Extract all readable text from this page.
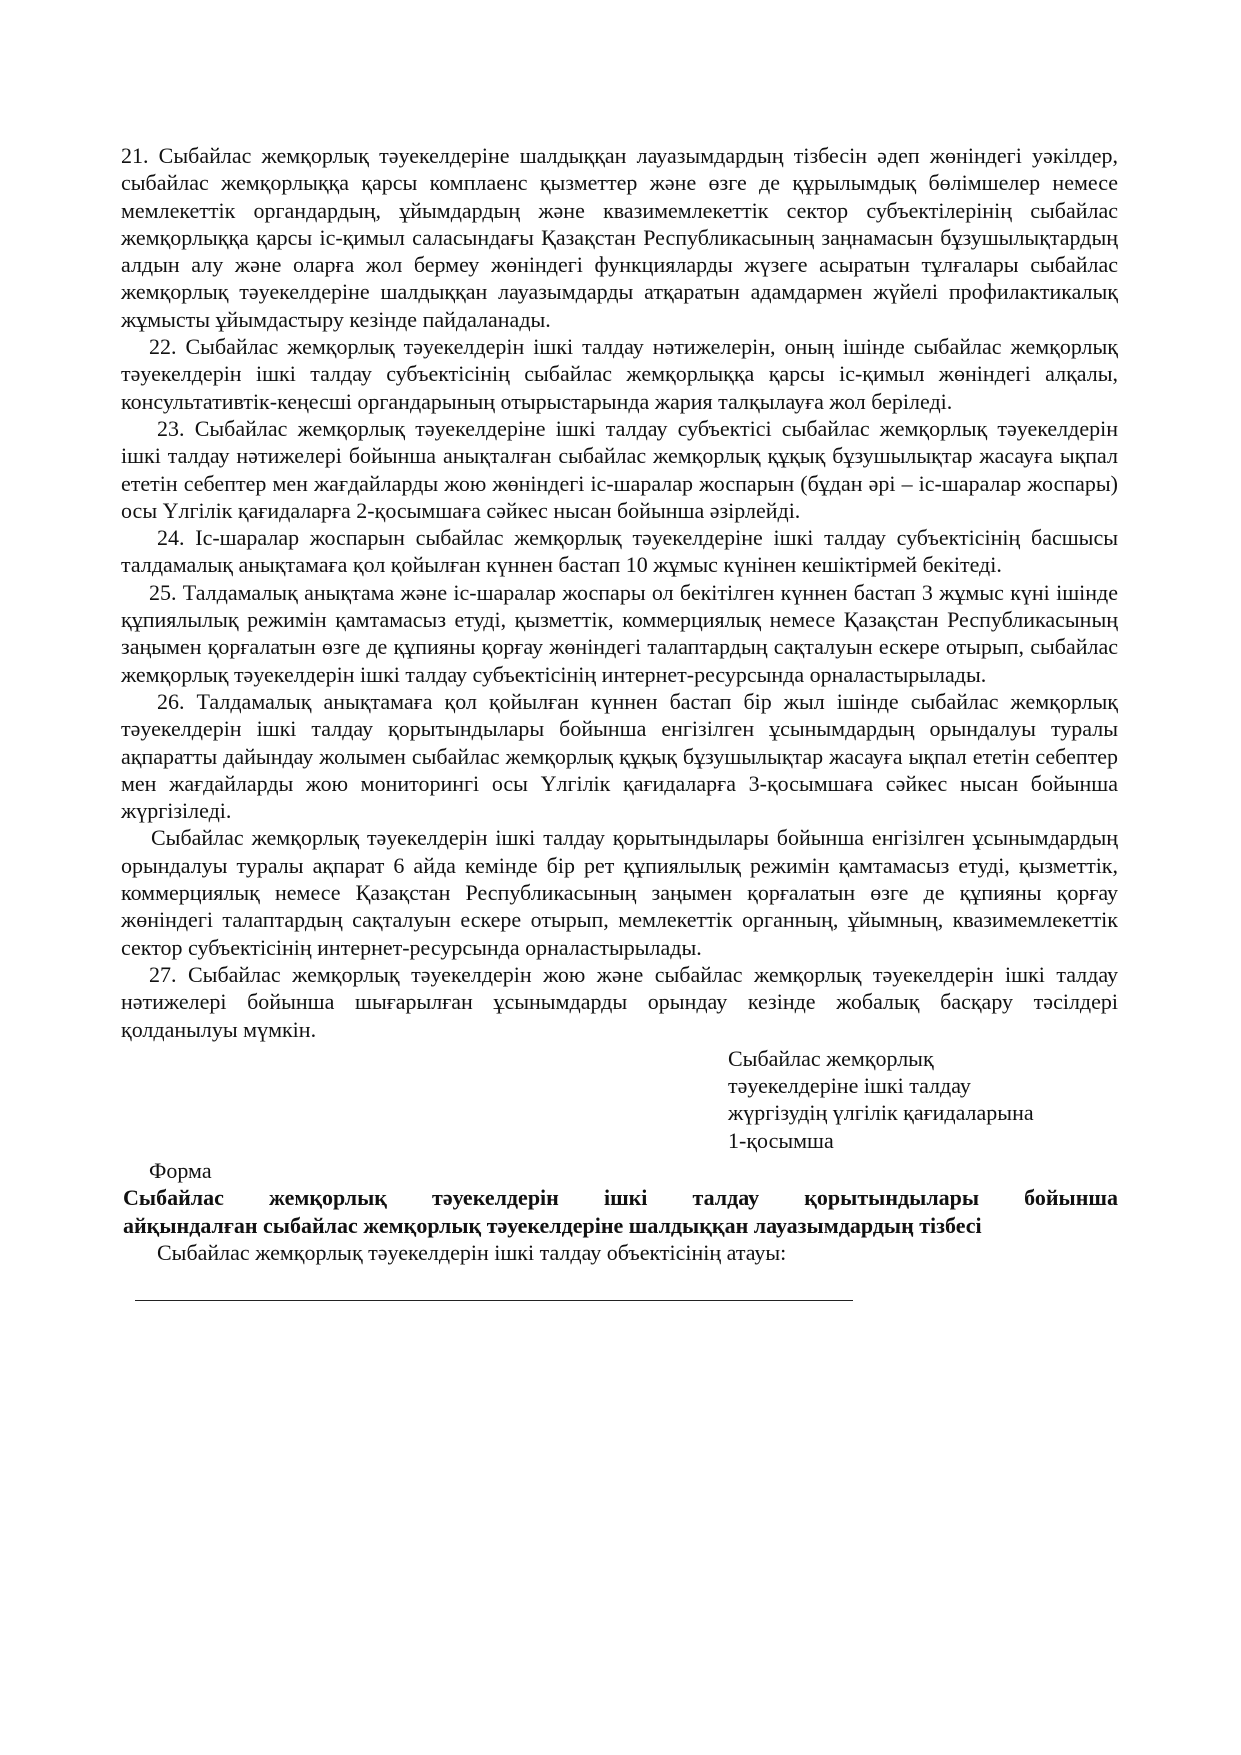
21. Сыбайлас жемқорлық тәуекелдеріне шалдыққан лауазымдардың тізбесін әдеп жөніндегі уәкілдер, сыбайлас жемқорлыққа қарсы комплаенс қызметтер және өзге де құрылымдық бөлімшелер немесе мемлекеттік органдардың, ұйымдардың және квазимемлекеттік сектор субъектілерінің сыбайлас жемқорлыққа қарсы іс-қимыл саласындағы Қазақстан Республикасының заңнамасын бұзушылықтардың алдын алу және оларға жол бермеу жөніндегі функцияларды жүзеге асыратын тұлғалары сыбайлас жемқорлық тәуекелдеріне шалдыққан лауазымдарды атқаратын адамдармен жүйелі профилактикалық жұмысты ұйымдастыру кезінде пайдаланады.

22. Сыбайлас жемқорлық тәуекелдерін ішкі талдау нәтижелерін, оның ішінде сыбайлас жемқорлық тәуекелдерін ішкі талдау субъектісінің сыбайлас жемқорлыққа қарсы іс-қимыл жөніндегі алқалы, консультативтік-кеңесші органдарының отырыстарында жария талқылауға жол беріледі.

23. Сыбайлас жемқорлық тәуекелдеріне ішкі талдау субъектісі сыбайлас жемқорлық тәуекелдерін ішкі талдау нәтижелері бойынша анықталған сыбайлас жемқорлық құқық бұзушылықтар жасауға ықпал ететін себептер мен жағдайларды жою жөніндегі іс-шаралар жоспарын (бұдан әрі – іс-шаралар жоспары) осы Үлгілік қағидаларға 2-қосымшаға сәйкес нысан бойынша әзірлейді.

24. Іс-шаралар жоспарын сыбайлас жемқорлық тәуекелдеріне ішкі талдау субъектісінің басшысы талдамалық анықтамаға қол қойылған күннен бастап 10 жұмыс күнінен кешіктірмей бекітеді.

25. Талдамалық анықтама және іс-шаралар жоспары ол бекітілген күннен бастап 3 жұмыс күні ішінде құпиялылық режимін қамтамасыз етуді, қызметтік, коммерциялық немесе Қазақстан Республикасының заңымен қорғалатын өзге де құпияны қорғау жөніндегі талаптардың сақталуын ескере отырып, сыбайлас жемқорлық тәуекелдерін ішкі талдау субъектісінің интернет-ресурсында орналастырылады.

26. Талдамалық анықтамаға қол қойылған күннен бастап бір жыл ішінде сыбайлас жемқорлық тәуекелдерін ішкі талдау қорытындылары бойынша енгізілген ұсынымдардың орындалуы туралы ақпаратты дайындау жолымен сыбайлас жемқорлық құқық бұзушылықтар жасауға ықпал ететін себептер мен жағдайларды жою мониторингі осы Үлгілік қағидаларға 3-қосымшаға сәйкес нысан бойынша жүргізіледі.

Сыбайлас жемқорлық тәуекелдерін ішкі талдау қорытындылары бойынша енгізілген ұсынымдардың орындалуы туралы ақпарат 6 айда кемінде бір рет құпиялылық режимін қамтамасыз етуді, қызметтік, коммерциялық немесе Қазақстан Республикасының заңымен қорғалатын өзге де құпияны қорғау жөніндегі талаптардың сақталуын ескере отырып, мемлекеттік органның, ұйымның, квазимемлекеттік сектор субъектісінің интернет-ресурсында орналастырылады.

27. Сыбайлас жемқорлық тәуекелдерін жою және сыбайлас жемқорлық тәуекелдерін ішкі талдау нәтижелері бойынша шығарылған ұсынымдарды орындау кезінде жобалық басқару тәсілдері қолданылуы мүмкін.

Сыбайлас жемқорлық
тәуекелдеріне ішкі талдау
жүргізудің үлгілік қағидаларына
1-қосымша

Форма

Сыбайлас жемқорлық тәуекелдерін ішкі талдау қорытындылары бойынша
айқындалған сыбайлас жемқорлық тәуекелдеріне шалдыққан лауазымдардың тізбесі

Сыбайлас жемқорлық тәуекелдерін ішкі талдау объектісінің атауы:
